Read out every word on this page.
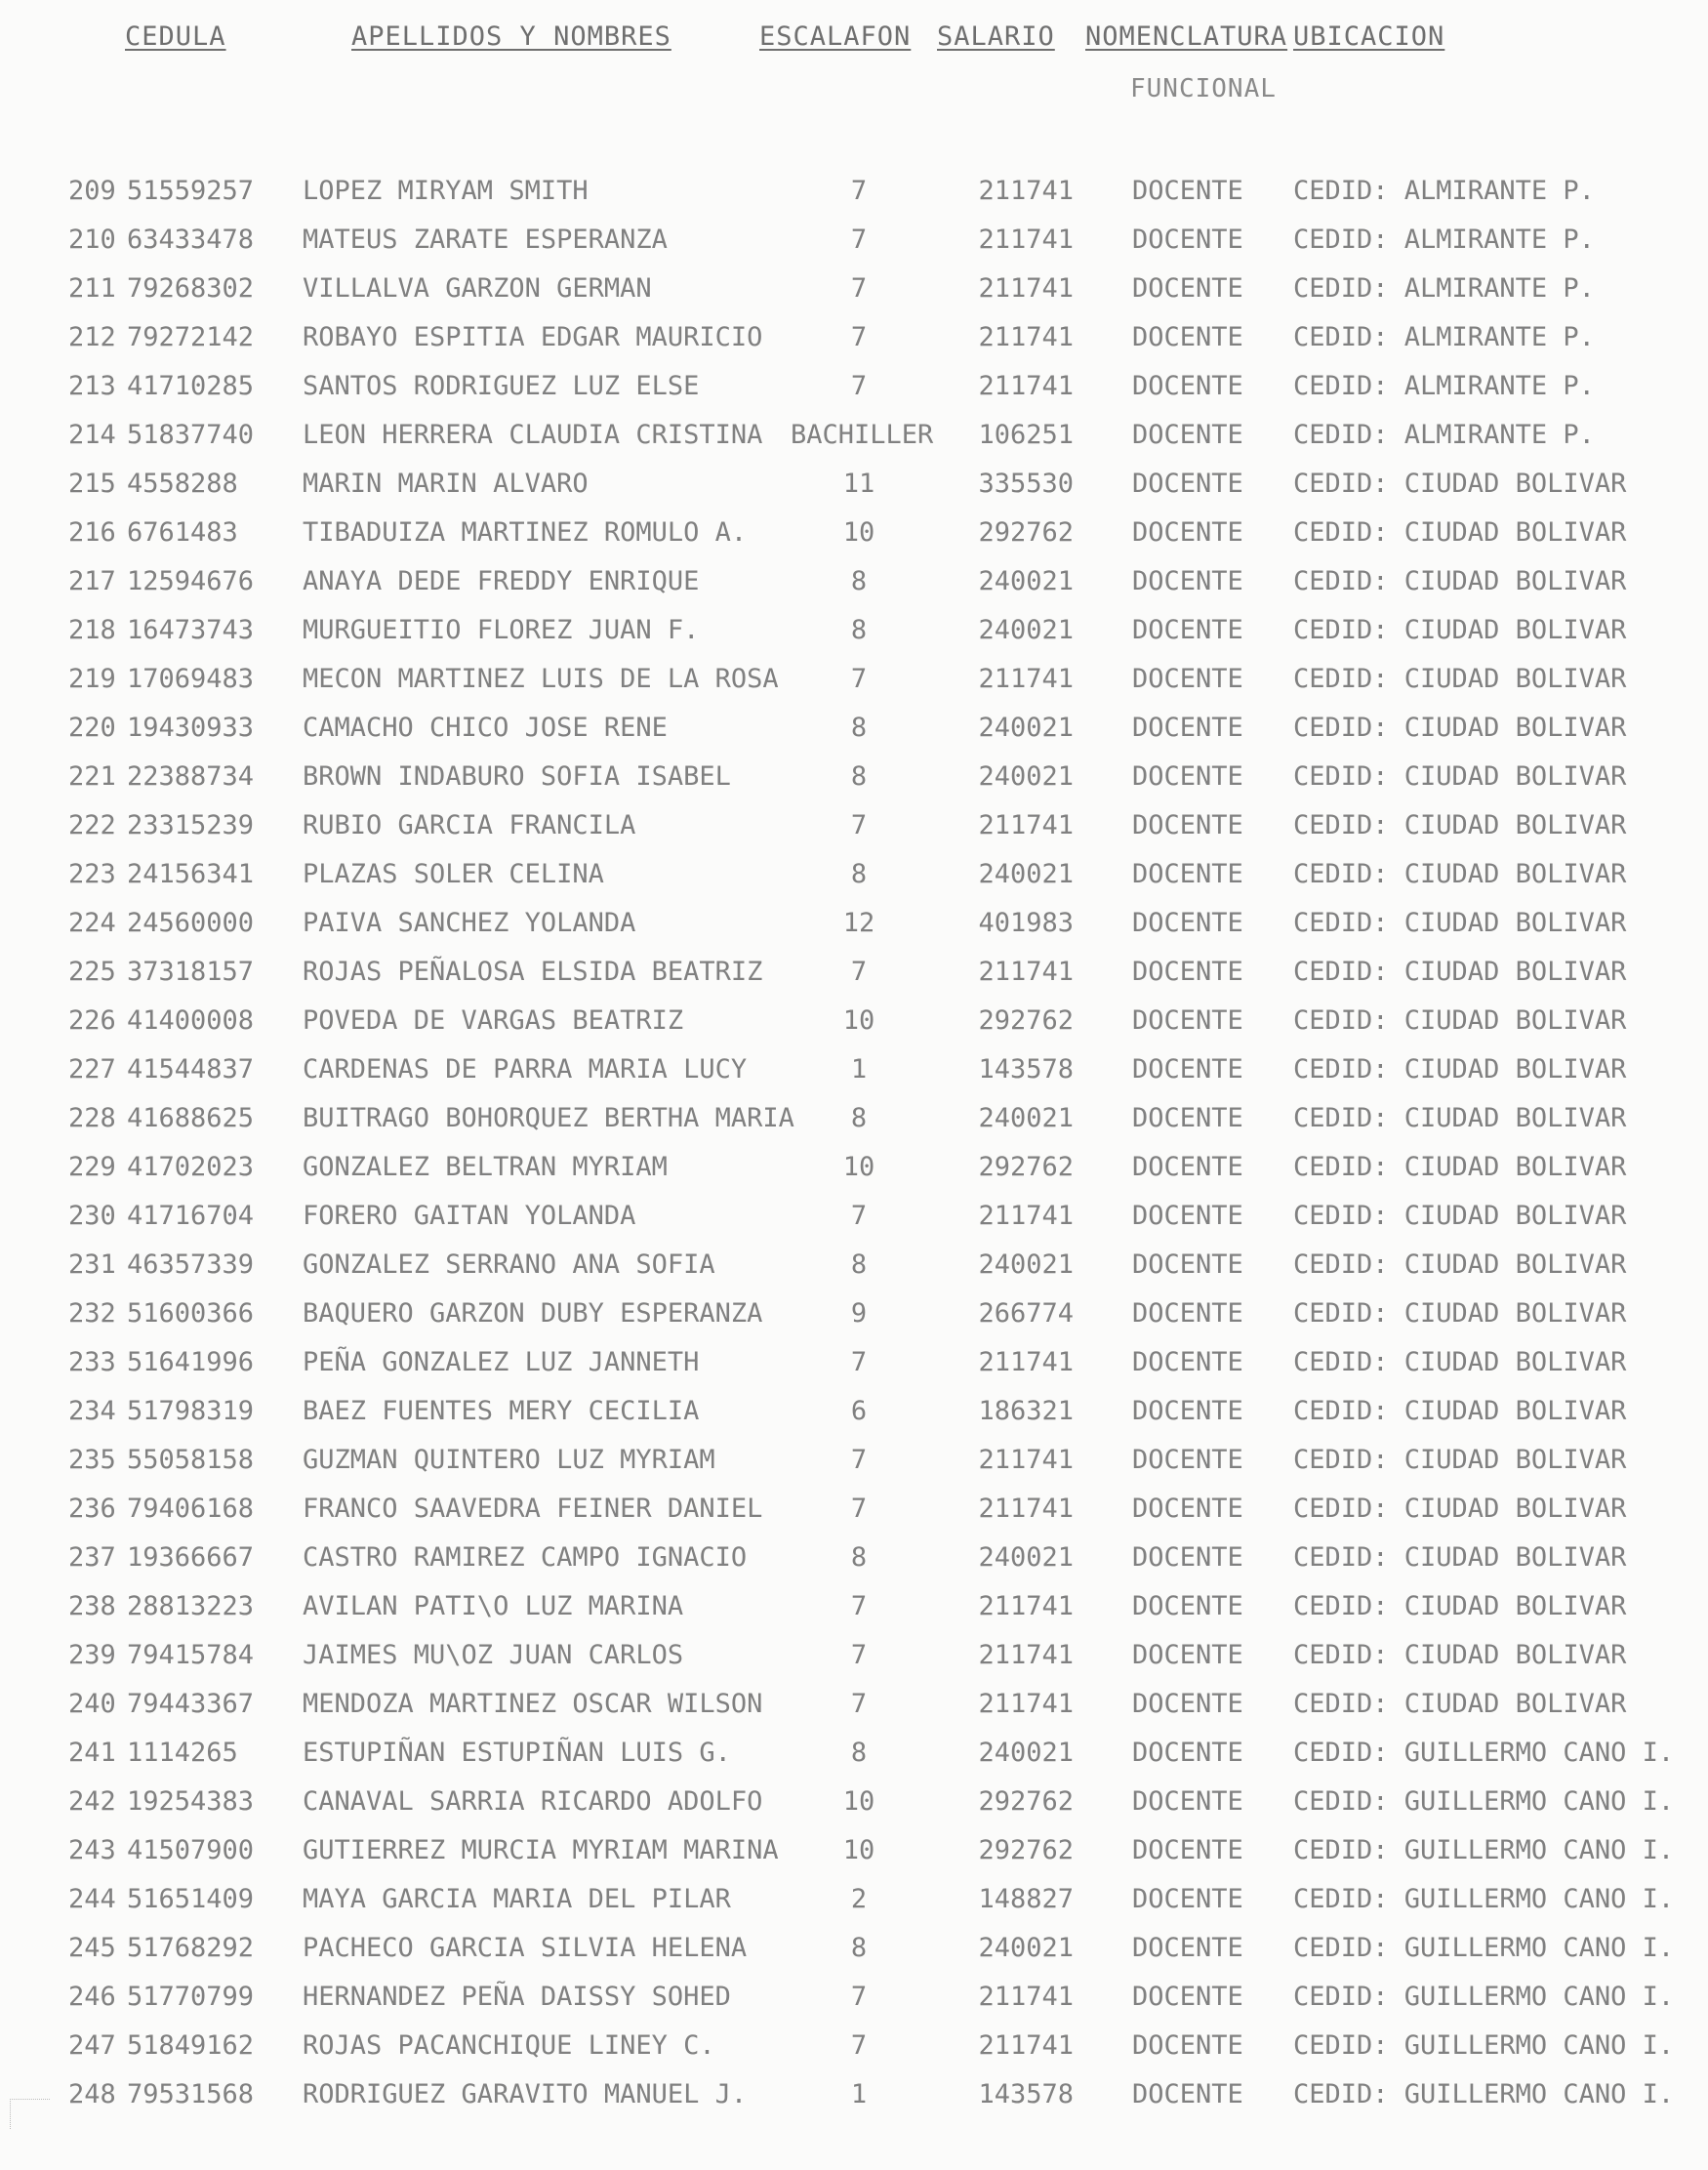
CEDULA	APELLIDOS Y NOMBRES	ESCALAFON SALARIO NOMENCLATURA UBICACION
FUNCIONAL
209 51559257	LOPEZ MIRYAM SMITH	7	211741 DOCENTE	CEDID: ALMIRANTE P.
210 63433478	MATEUS ZARATE ESPERANZA	7	211741 DOCENTE	CEDID: ALMIRANTE P.
211 79268302	VILLALVA GARZON GERMAN	7	211741 DOCENTE	CEDID: ALMIRANTE P.
212 79272142	ROBAYO ESPITIA EDGAR MAURICIO	7	211741 DOCENTE	CEDID: ALMIRANTE P.
213 41710285	SANTOS RODRIGUEZ LUZ ELSE	7	211741 DOCENTE	CEDID: ALMIRANTE P.
214 51837740	LEON HERRERA CLAUDIA CRISTINA	BACHILLER	106251 DOCENTE	CEDID: ALMIRANTE P.
215 4558288	MARIN MARIN ALVARO	11	335530 DOCENTE	CEDID: CIUDAD BOLIVAR
216 6761483	TIBADUIZA MARTINEZ ROMULO A.	10	292762 DOCENTE	CEDID: CIUDAD BOLIVAR
217 12594676	ANAYA DEDE FREDDY ENRIQUE	8	240021 DOCENTE	CEDID: CIUDAD BOLIVAR
218 16473743	MURGUEITIO FLOREZ JUAN F.	8	240021 DOCENTE	CEDID: CIUDAD BOLIVAR
219 17069483	MECON MARTINEZ LUIS DE LA ROSA	7	211741 DOCENTE	CEDID: CIUDAD BOLIVAR
220 19430933	CAMACHO CHICO JOSE RENE	8	240021 DOCENTE	CEDID: CIUDAD BOLIVAR
221 22388734	BROWN INDABURO SOFIA ISABEL	8	240021 DOCENTE	CEDID: CIUDAD BOLIVAR
222 23315239	RUBIO GARCIA FRANCILA	7	211741 DOCENTE	CEDID: CIUDAD BOLIVAR
223 24156341	PLAZAS SOLER CELINA	8	240021 DOCENTE	CEDID: CIUDAD BOLIVAR
224 24560000	PAIVA SANCHEZ YOLANDA	12	401983 DOCENTE	CEDID: CIUDAD BOLIVAR
225 37318157	ROJAS PEÑALOSA ELSIDA BEATRIZ	7	211741 DOCENTE	CEDID: CIUDAD BOLIVAR
226 41400008	POVEDA DE VARGAS BEATRIZ	10	292762 DOCENTE	CEDID: CIUDAD BOLIVAR
227 41544837	CARDENAS DE PARRA MARIA LUCY	1	143578 DOCENTE	CEDID: CIUDAD BOLIVAR
228 41688625	BUITRAGO BOHORQUEZ BERTHA MARIA	8	240021 DOCENTE	CEDID: CIUDAD BOLIVAR
229 41702023	GONZALEZ BELTRAN MYRIAM	10	292762 DOCENTE	CEDID: CIUDAD BOLIVAR
230 41716704	FORERO GAITAN YOLANDA	7	211741 DOCENTE	CEDID: CIUDAD BOLIVAR
231 46357339	GONZALEZ SERRANO ANA SOFIA	8	240021 DOCENTE	CEDID: CIUDAD BOLIVAR
232 51600366	BAQUERO GARZON DUBY ESPERANZA	9	266774 DOCENTE	CEDID: CIUDAD BOLIVAR
233 51641996	PEÑA GONZALEZ LUZ JANNETH	7	211741 DOCENTE	CEDID: CIUDAD BOLIVAR
234 51798319	BAEZ FUENTES MERY CECILIA	6	186321 DOCENTE	CEDID: CIUDAD BOLIVAR
235 55058158	GUZMAN QUINTERO LUZ MYRIAM	7	211741 DOCENTE	CEDID: CIUDAD BOLIVAR
236 79406168	FRANCO SAAVEDRA FEINER DANIEL	7	211741 DOCENTE	CEDID: CIUDAD BOLIVAR
237 19366667	CASTRO RAMIREZ CAMPO IGNACIO	8	240021 DOCENTE	CEDID: CIUDAD BOLIVAR
238 28813223	AVILAN PATI\O LUZ MARINA	7	211741 DOCENTE	CEDID: CIUDAD BOLIVAR
239 79415784	JAIMES MU\OZ JUAN CARLOS	7	211741 DOCENTE	CEDID: CIUDAD BOLIVAR
240 79443367	MENDOZA MARTINEZ OSCAR WILSON	7	211741 DOCENTE	CEDID: CIUDAD BOLIVAR
241 1114265	ESTUPIÑAN ESTUPIÑAN LUIS G.	8	240021 DOCENTE	CEDID: GUILLERMO CANO I.
242 19254383	CANAVAL SARRIA RICARDO ADOLFO	10	292762 DOCENTE	CEDID: GUILLERMO CANO I.
243 41507900	GUTIERREZ MURCIA MYRIAM MARINA	10	292762 DOCENTE	CEDID: GUILLERMO CANO I.
244 51651409	MAYA GARCIA MARIA DEL PILAR	2	148827 DOCENTE	CEDID: GUILLERMO CANO I.
245 51768292	PACHECO GARCIA SILVIA HELENA	8	240021 DOCENTE	CEDID: GUILLERMO CANO I.
246 51770799	HERNANDEZ PEÑA DAISSY SOHED	7	211741 DOCENTE	CEDID: GUILLERMO CANO I.
247 51849162	ROJAS PACANCHIQUE LINEY C.	7	211741 DOCENTE	CEDID: GUILLERMO CANO I.
248 79531568	RODRIGUEZ GARAVITO MANUEL J.	1	143578 DOCENTE	CEDID: GUILLERMO CANO I.
